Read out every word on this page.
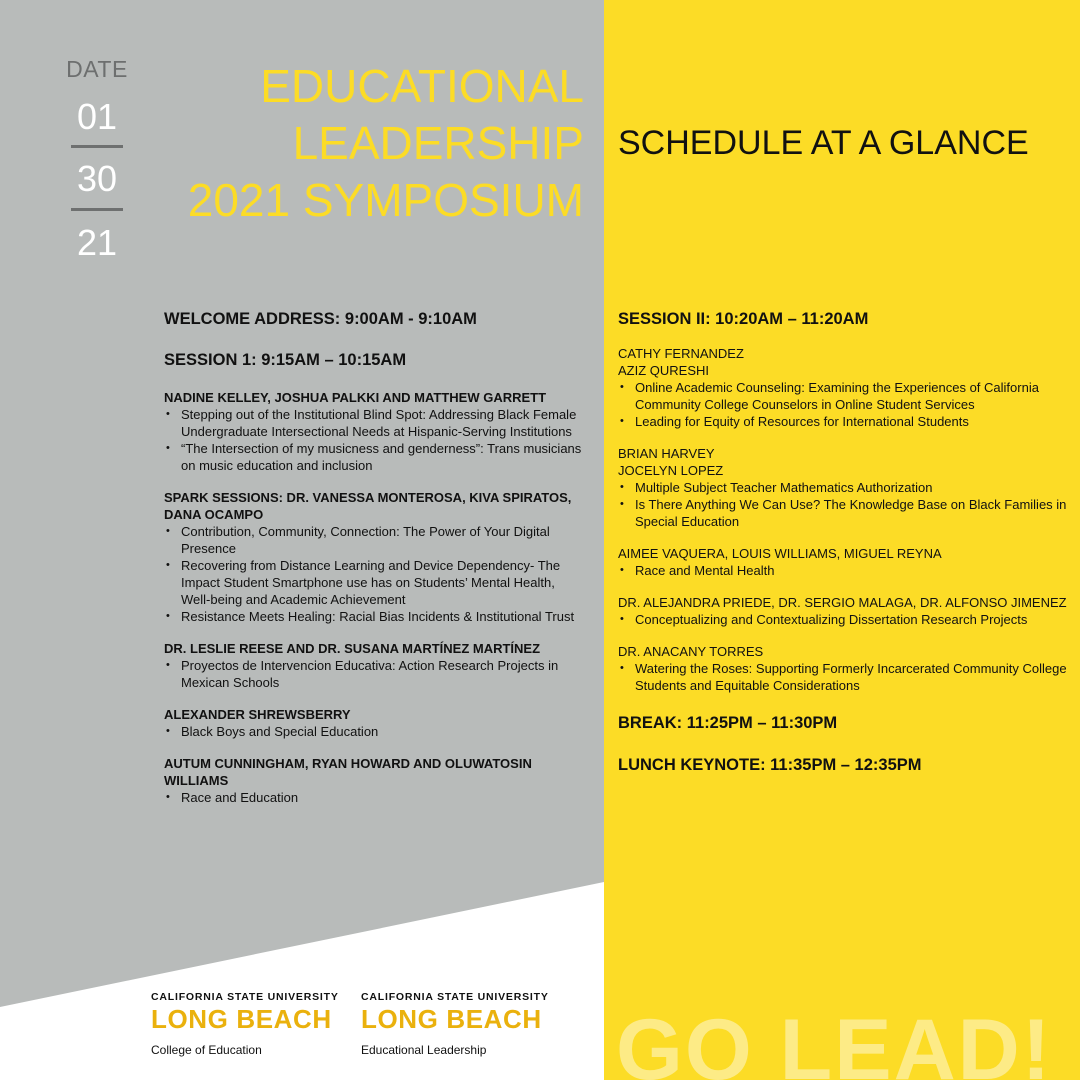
DATE
01
30
21
EDUCATIONAL
LEADERSHIP
2021 SYMPOSIUM
SCHEDULE AT A GLANCE
WELCOME ADDRESS: 9:00AM - 9:10AM
SESSION 1: 9:15AM – 10:15AM
NADINE KELLEY, JOSHUA PALKKI AND MATTHEW GARRETT
• Stepping out of the Institutional Blind Spot: Addressing Black Female Undergraduate Intersectional Needs at Hispanic-Serving Institutions
• “The Intersection of my musicness and genderness”: Trans musicians on music education and inclusion
SPARK SESSIONS: DR. VANESSA MONTEROSA, KIVA SPIRATOS, DANA OCAMPO
• Contribution, Community, Connection: The Power of Your Digital Presence
• Recovering from Distance Learning and Device Dependency- The Impact Student Smartphone use has on Students’ Mental Health, Well-being and Academic Achievement
• Resistance Meets Healing: Racial Bias Incidents & Institutional Trust
DR. LESLIE REESE AND DR. SUSANA MARTÍNEZ MARTÍNEZ
• Proyectos de Intervencion Educativa: Action Research Projects in Mexican Schools
ALEXANDER SHREWSBERRY
• Black Boys and Special Education
AUTUM CUNNINGHAM, RYAN HOWARD AND OLUWATOSIN WILLIAMS
• Race and Education
SESSION II: 10:20AM – 11:20AM
CATHY FERNANDEZ
AZIZ QURESHI
• Online Academic Counseling: Examining the Experiences of California Community College Counselors in Online Student Services
• Leading for Equity of Resources for International Students
BRIAN HARVEY
JOCELYN LOPEZ
• Multiple Subject Teacher Mathematics Authorization
• Is There Anything We Can Use? The Knowledge Base on Black Families in Special Education
AIMEE VAQUERA, LOUIS WILLIAMS, MIGUEL REYNA
• Race and Mental Health
DR. ALEJANDRA PRIEDE, DR. SERGIO MALAGA, DR. ALFONSO JIMENEZ
• Conceptualizing and Contextualizing Dissertation Research Projects
DR. ANACANY TORRES
• Watering the Roses: Supporting Formerly Incarcerated Community College Students and Equitable Considerations
BREAK: 11:25PM – 11:30PM
LUNCH KEYNOTE: 11:35PM – 12:35PM
CALIFORNIA STATE UNIVERSITY
LONG BEACH
College of Education
CALIFORNIA STATE UNIVERSITY
LONG BEACH
Educational Leadership	GO LEAD!
